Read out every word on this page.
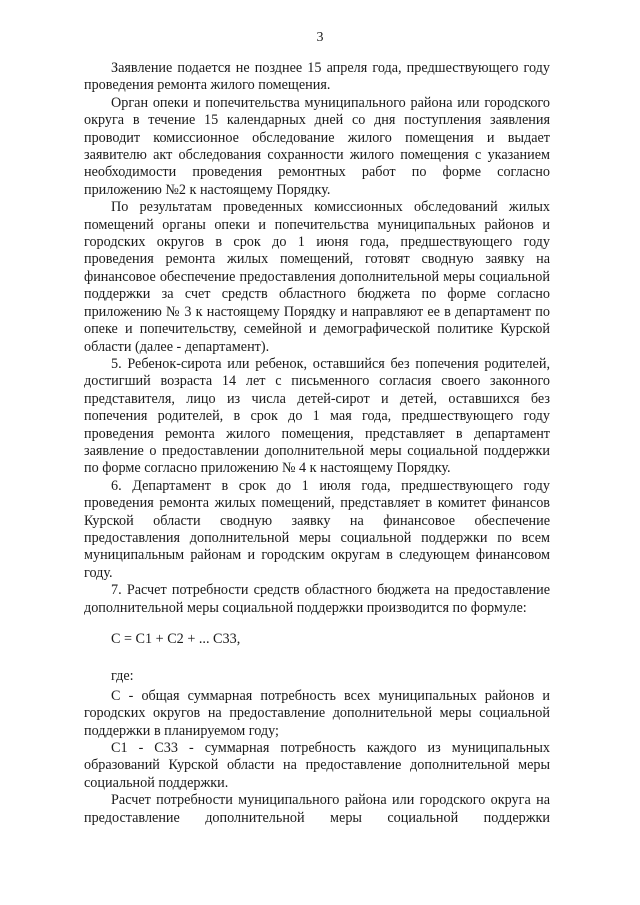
3

Заявление подается не позднее 15 апреля года, предшествующего году проведения ремонта жилого помещения.

Орган опеки и попечительства муниципального района или городского округа в течение 15 календарных дней со дня поступления заявления проводит комиссионное обследование жилого помещения и выдает заявителю акт обследования сохранности жилого помещения с указанием необходимости проведения ремонтных работ по форме согласно приложению №2 к настоящему Порядку.

По результатам проведенных комиссионных обследований жилых помещений органы опеки и попечительства муниципальных районов и городских округов в срок до 1 июня года, предшествующего году проведения ремонта жилых помещений, готовят сводную заявку на финансовое обеспечение предоставления дополнительной меры социальной поддержки за счет средств областного бюджета по форме согласно приложению № 3 к настоящему Порядку и направляют ее в департамент по опеке и попечительству, семейной и демографической политике Курской области (далее - департамент).

5. Ребенок-сирота или ребенок, оставшийся без попечения родителей, достигший возраста 14 лет с письменного согласия своего законного представителя, лицо из числа детей-сирот и детей, оставшихся без попечения родителей, в срок до 1 мая года, предшествующего году проведения ремонта жилого помещения, представляет в департамент заявление о предоставлении дополнительной меры социальной поддержки по форме согласно приложению № 4 к настоящему Порядку.

6. Департамент в срок до 1 июля года, предшествующего году проведения ремонта жилых помещений, представляет в комитет финансов Курской области сводную заявку на финансовое обеспечение предоставления дополнительной меры социальной поддержки по всем муниципальным районам и городским округам в следующем финансовом году.

7. Расчет потребности средств областного бюджета на предоставление дополнительной меры социальной поддержки производится по формуле:

С = С1 + С2 + ... С33,

где:

С - общая суммарная потребность всех муниципальных районов и городских округов на предоставление дополнительной меры социальной поддержки в планируемом году;

С1 - С33 - суммарная потребность каждого из муниципальных образований Курской области на предоставление дополнительной меры социальной поддержки.

Расчет потребности муниципального района или городского округа на предоставление дополнительной меры социальной поддержки
